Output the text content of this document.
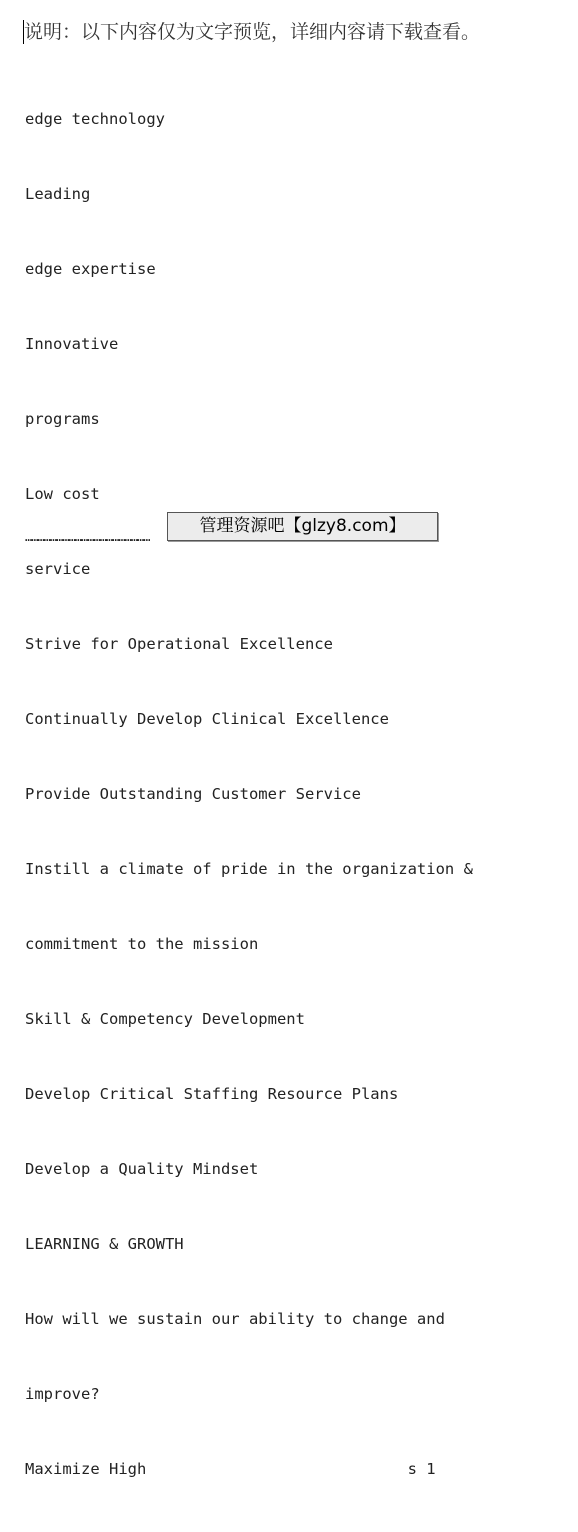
说明：以下内容仅为文字预览，详细内容请下载查看。

edge technology

Leading

edge expertise

Innovative

programs

Low cost

service

Strive for Operational Excellence

Continually Develop Clinical Excellence

Provide Outstanding Customer Service

Instill a climate of pride in the organization &

commitment to the mission

Skill & Competency Development

Develop Critical Staffing Resource Plans

Develop a Quality Mindset

LEARNING & GROWTH

How will we sustain our ability to change and

improve?

Maximize High                            s 1

……………………………………………………
管理资源吧【glzy8.com】
